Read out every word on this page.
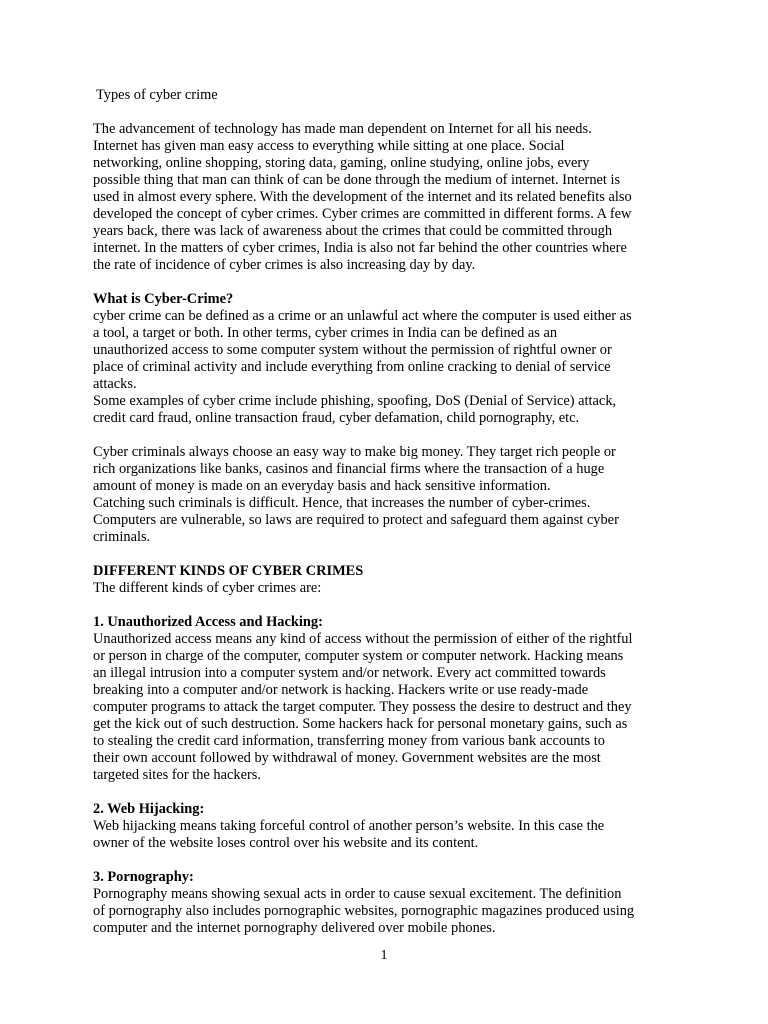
Types of cyber crime

The advancement of technology has made man dependent on Internet for all his needs.
Internet has given man easy access to everything while sitting at one place. Social
networking, online shopping, storing data, gaming, online studying, online jobs, every
possible thing that man can think of can be done through the medium of internet. Internet is
used in almost every sphere. With the development of the internet and its related benefits also
developed the concept of cyber crimes. Cyber crimes are committed in different forms. A few
years back, there was lack of awareness about the crimes that could be committed through
internet. In the matters of cyber crimes, India is also not far behind the other countries where
the rate of incidence of cyber crimes is also increasing day by day.
What is Cyber-Crime?
cyber crime can be defined as a crime or an unlawful act where the computer is used either as
a tool, a target or both. In other terms, cyber crimes in India can be defined as an
unauthorized access to some computer system without the permission of rightful owner or
place of criminal activity and include everything from online cracking to denial of service
attacks.
Some examples of cyber crime include phishing, spoofing, DoS (Denial of Service) attack,
credit card fraud, online transaction fraud, cyber defamation, child pornography, etc.
Cyber criminals always choose an easy way to make big money. They target rich people or
rich organizations like banks, casinos and financial firms where the transaction of a huge
amount of money is made on an everyday basis and hack sensitive information.
Catching such criminals is difficult. Hence, that increases the number of cyber-crimes.
Computers are vulnerable, so laws are required to protect and safeguard them against cyber
criminals.
DIFFERENT KINDS OF CYBER CRIMES
The different kinds of cyber crimes are:
1. Unauthorized Access and Hacking:
Unauthorized access means any kind of access without the permission of either of the rightful
or person in charge of the computer, computer system or computer network. Hacking means
an illegal intrusion into a computer system and/or network. Every act committed towards
breaking into a computer and/or network is hacking. Hackers write or use ready-made
computer programs to attack the target computer. They possess the desire to destruct and they
get the kick out of such destruction. Some hackers hack for personal monetary gains, such as
to stealing the credit card information, transferring money from various bank accounts to
their own account followed by withdrawal of money. Government websites are the most
targeted sites for the hackers.
2. Web Hijacking:
Web hijacking means taking forceful control of another person’s website. In this case the
owner of the website loses control over his website and its content.
3. Pornography:
Pornography means showing sexual acts in order to cause sexual excitement. The definition
of pornography also includes pornographic websites, pornographic magazines produced using
computer and the internet pornography delivered over mobile phones.
1
